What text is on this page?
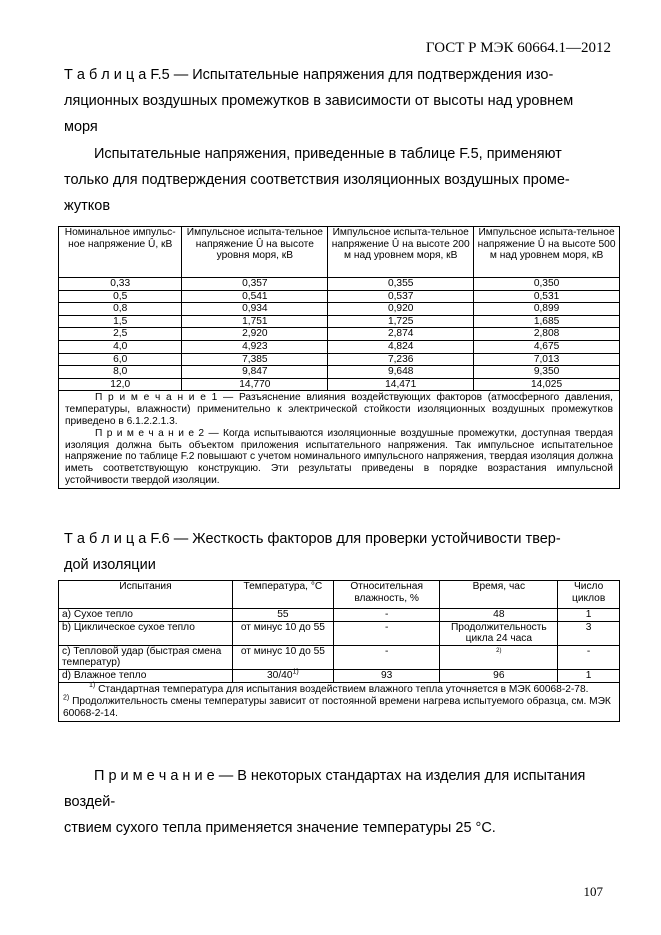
ГОСТ Р МЭК 60664.1—2012
Т а б л и ц а F.5 — Испытательные напряжения для подтверждения изо-
ляционных воздушных промежутков в зависимости от высоты над уровнем
моря
Испытательные напряжения, приведенные в таблице F.5, применяют
только для подтверждения соответствия изоляционных воздушных проме-
жутков
Номинальное импульс-ное напряжение Û, кВ	Импульсное испыта-тельное напряжение Û на высоте уровня моря, кВ	Импульсное испыта-тельное напряжение Û на высоте 200 м над уровнем моря, кВ	Импульсное испыта-тельное напряжение Û на высоте 500 м над уровнем моря, кВ
0,33	0,357	0,355	0,350
0,5	0,541	0,537	0,531
0,8	0,934	0,920	0,899
1,5	1,751	1,725	1,685
2,5	2,920	2,874	2,808
4,0	4,923	4,824	4,675
6,0	7,385	7,236	7,013
8,0	9,847	9,648	9,350
12,0	14,770	14,471	14,025

П р и м е ч а н и е 1 — Разъяснение влияния воздействующих факторов (атмосферного давления, температуры, влажности) применительно к электрической стойкости изоляционных воздушных промежутков приведено в 6.1.2.2.1.3.
П р и м е ч а н и е 2 — Когда испытываются изоляционные воздушные промежутки, доступная твердая изоляция должна быть объектом приложения испытательного напряжения. Так импульсное испытательное напряжение по таблице F.2 повышают с учетом номинального импульсного напряжения, твердая изоляция должна иметь соответствующую конструкцию. Эти результаты приведены в порядке возрастания импульсной устойчивости твердой изоляции.			
Т а б л и ц а F.6 — Жесткость факторов для проверки устойчивости твер-
дой изоляции
Испытания	Температура, °С	Относительная влажность, %	Время, час	Число циклов
а) Сухое тепло	55	-	48	1
b) Циклическое сухое тепло	от минус 10 до 55	-	Продолжительность цикла 24 часа	3
с) Тепловой удар (быстрая смена температур)	от минус 10 до 55	-	2)	-
d) Влажное тепло	30/40$^{1)}$	93	96	1

$^{1)}$ Стандартная температура для испытания воздействием влажного тепла уточняется в МЭК 60068-2-78.
$^{2)}$ Продолжительность смены температуры зависит от постоянной времени нагрева испытуемого образца, см. МЭК 60068-2-14.				
П р и м е ч а н и е — В некоторых стандартах на изделия для испытания воздей-
ствием сухого тепла применяется значение температуры 25 °С.
107
